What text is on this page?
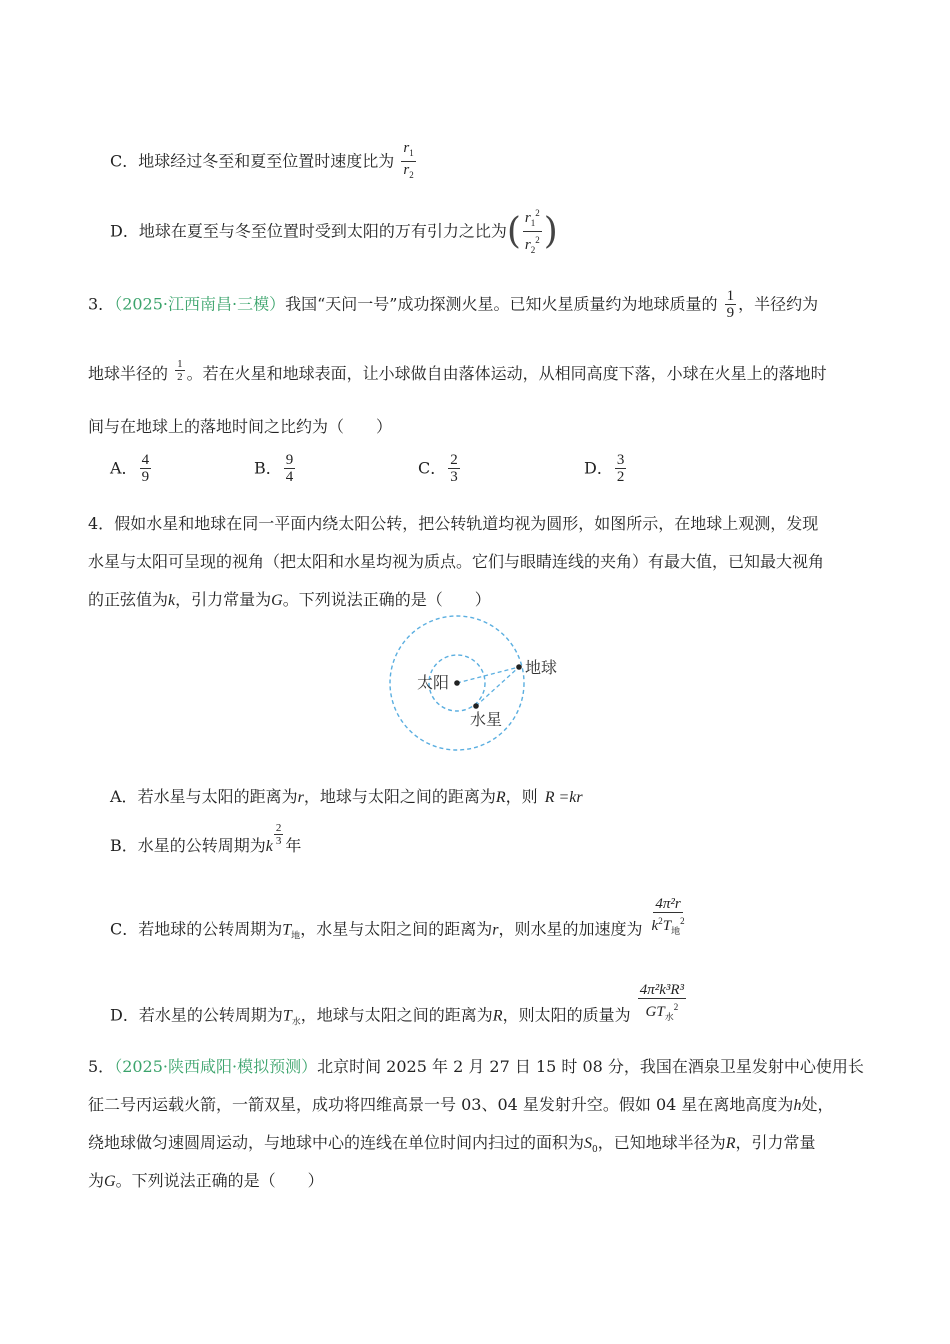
C．地球经过冬至和夏至位置时速度比为 $\frac{r_1}{r_2}$
D．地球在夏至与冬至位置时受到太阳的万有引力之比为( $\frac{r_1^2}{r_2^2}$ )
3．（2025·江西南昌·三模）我国“天问一号”成功探测火星。已知火星质量约为地球质量的 $\frac{1}{9}$ ，半径约为
地球半径的 $\frac{1}{2}$ 。若在火星和地球表面，让小球做自由落体运动，从相同高度下落，小球在火星上的落地时
间与在地球上的落地时间之比约为（　　）
A． $\frac{4}{9}$	B． $\frac{9}{4}$	C． $\frac{2}{3}$	D． $\frac{3}{2}$
4．假如水星和地球在同一平面内绕太阳公转，把公转轨道均视为圆形，如图所示，在地球上观测，发现
水星与太阳可呈现的视角（把太阳和水星均视为质点。它们与眼睛连线的夹角）有最大值，已知最大视角
的正弦值为k，引力常量为G。下列说法正确的是（　　）
太阳
地球
水星
A．若水星与太阳的距离为r，地球与太阳之间的距离为R，则 R =kr
B．水星的公转周期为k $\frac{2}{3}$ 年
C．若地球的公转周期为$T_地$，水星与太阳之间的距离为r，则水星的加速度为 $\frac{\text{4π²r}}{k^2T_地^2}$
D．若水星的公转周期为$T_水$，地球与太阳之间的距离为R，则太阳的质量为 $\frac{\text{4π²k³R³}}{GT_水^2}$
5．（2025·陕西咸阳·模拟预测）北京时间 2025 年 2 月 27 日 15 时 08 分，我国在酒泉卫星发射中心使用长
征二号丙运载火箭，一箭双星，成功将四维高景一号 03、04 星发射升空。假如 04 星在离地高度为h处，
绕地球做匀速圆周运动，与地球中心的连线在单位时间内扫过的面积为$S_0$，已知地球半径为R，引力常量
为G。下列说法正确的是（　　）
